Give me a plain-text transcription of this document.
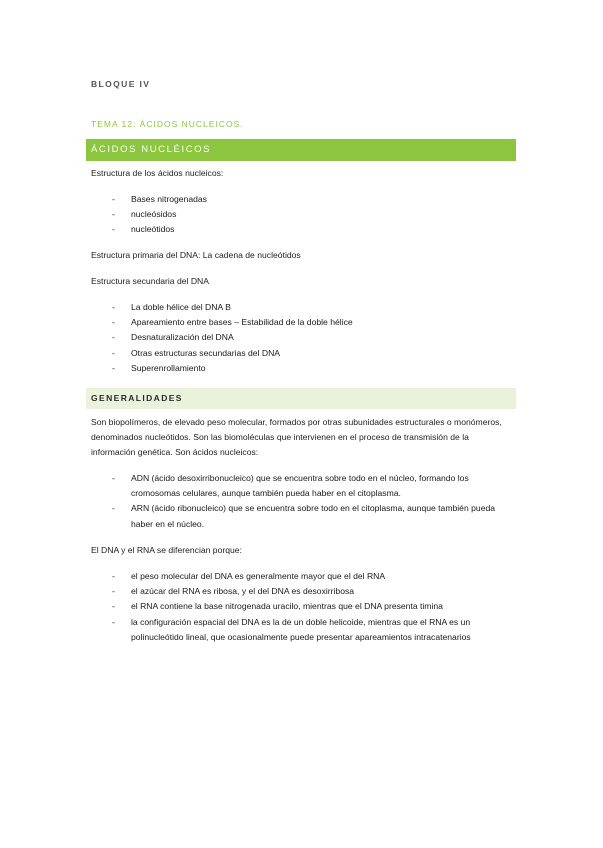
BLOQUE IV
TEMA 12: ÁCIDOS NUCLEICOS.
ÁCIDOS NUCLÉICOS
Estructura de los ácidos nucleicos:
- Bases nitrogenadas
- nucleósidos
- nucleótidos
Estructura primaria del DNA: La cadena de nucleótidos
Estructura secundaria del DNA
- La doble hélice del DNA B
- Apareamiento entre bases – Estabilidad de la doble hélice
- Desnaturalización del DNA
- Otras estructuras secundarias del DNA
- Superenrollamiento
GENERALIDADES
Son biopolímeros, de elevado peso molecular, formados por otras subunidades estructurales o monómeros, denominados nucleótidos. Son las biomoléculas que intervienen en el proceso de transmisión de la información genética. Son ácidos nucleicos:
- ADN (ácido desoxirribonucleico) que se encuentra sobre todo en el núcleo, formando los cromosomas celulares, aunque también pueda haber en el citoplasma.
- ARN (ácido ribonucleico) que se encuentra sobre todo en el citoplasma, aunque también pueda haber en el núcleo.
El DNA y el RNA se diferencian porque:
- el peso molecular del DNA es generalmente mayor que el del RNA
- el azúcar del RNA es ribosa, y el del DNA es desoxirribosa
- el RNA contiene la base nitrogenada uracilo, mientras que el DNA presenta timina
- la configuración espacial del DNA es la de un doble helicoide, mientras que el RNA es un polinucleótido lineal, que ocasionalmente puede presentar apareamientos intracatenarios
